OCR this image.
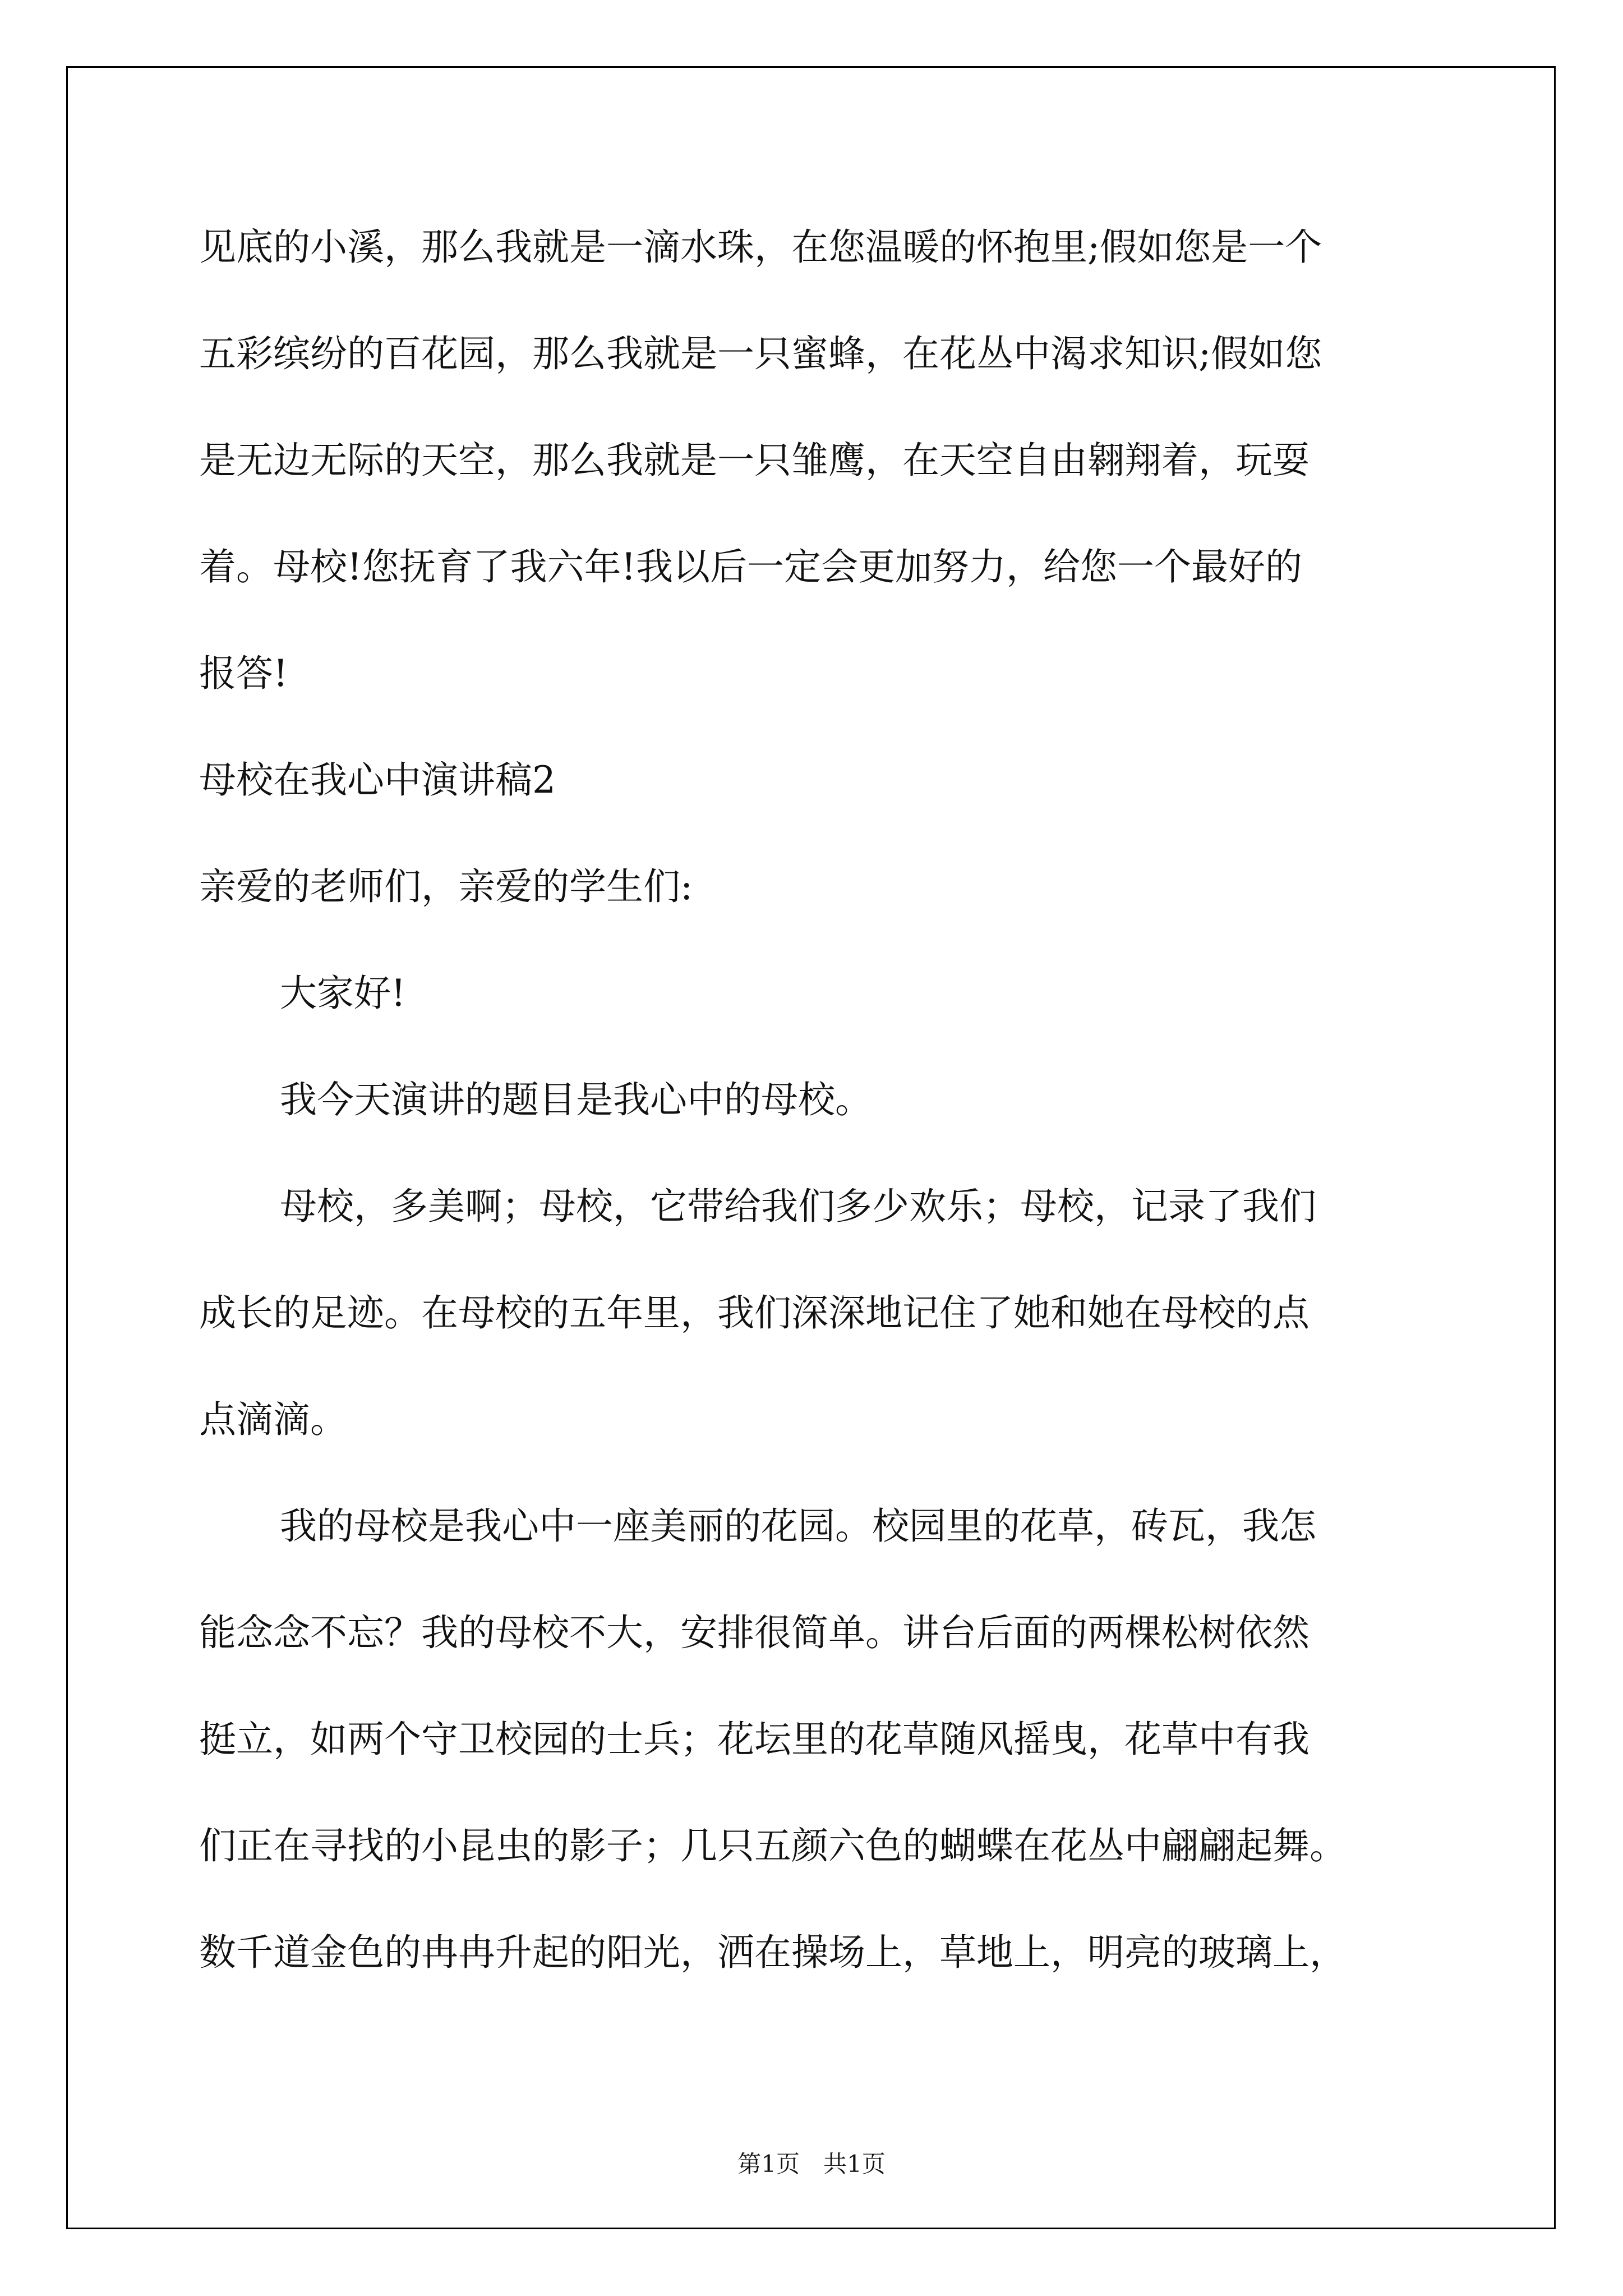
见底的小溪，那么我就是一滴水珠，在您温暖的怀抱里;假如您是一个
五彩缤纷的百花园，那么我就是一只蜜蜂，在花丛中渴求知识;假如您
是无边无际的天空，那么我就是一只雏鹰，在天空自由翱翔着，玩耍
着。母校!您抚育了我六年!我以后一定会更加努力，给您一个最好的
报答!
母校在我心中演讲稿2
亲爱的老师们，亲爱的学生们:
大家好!
我今天演讲的题目是我心中的母校。
母校，多美啊；母校，它带给我们多少欢乐；母校，记录了我们
成长的足迹。在母校的五年里，我们深深地记住了她和她在母校的点
点滴滴。
我的母校是我心中一座美丽的花园。校园里的花草，砖瓦，我怎
能念念不忘？我的母校不大，安排很简单。讲台后面的两棵松树依然
挺立，如两个守卫校园的士兵；花坛里的花草随风摇曳，花草中有我
们正在寻找的小昆虫的影子；几只五颜六色的蝴蝶在花丛中翩翩起舞。
数千道金色的冉冉升起的阳光，洒在操场上，草地上，明亮的玻璃上，
第1页　共1页
